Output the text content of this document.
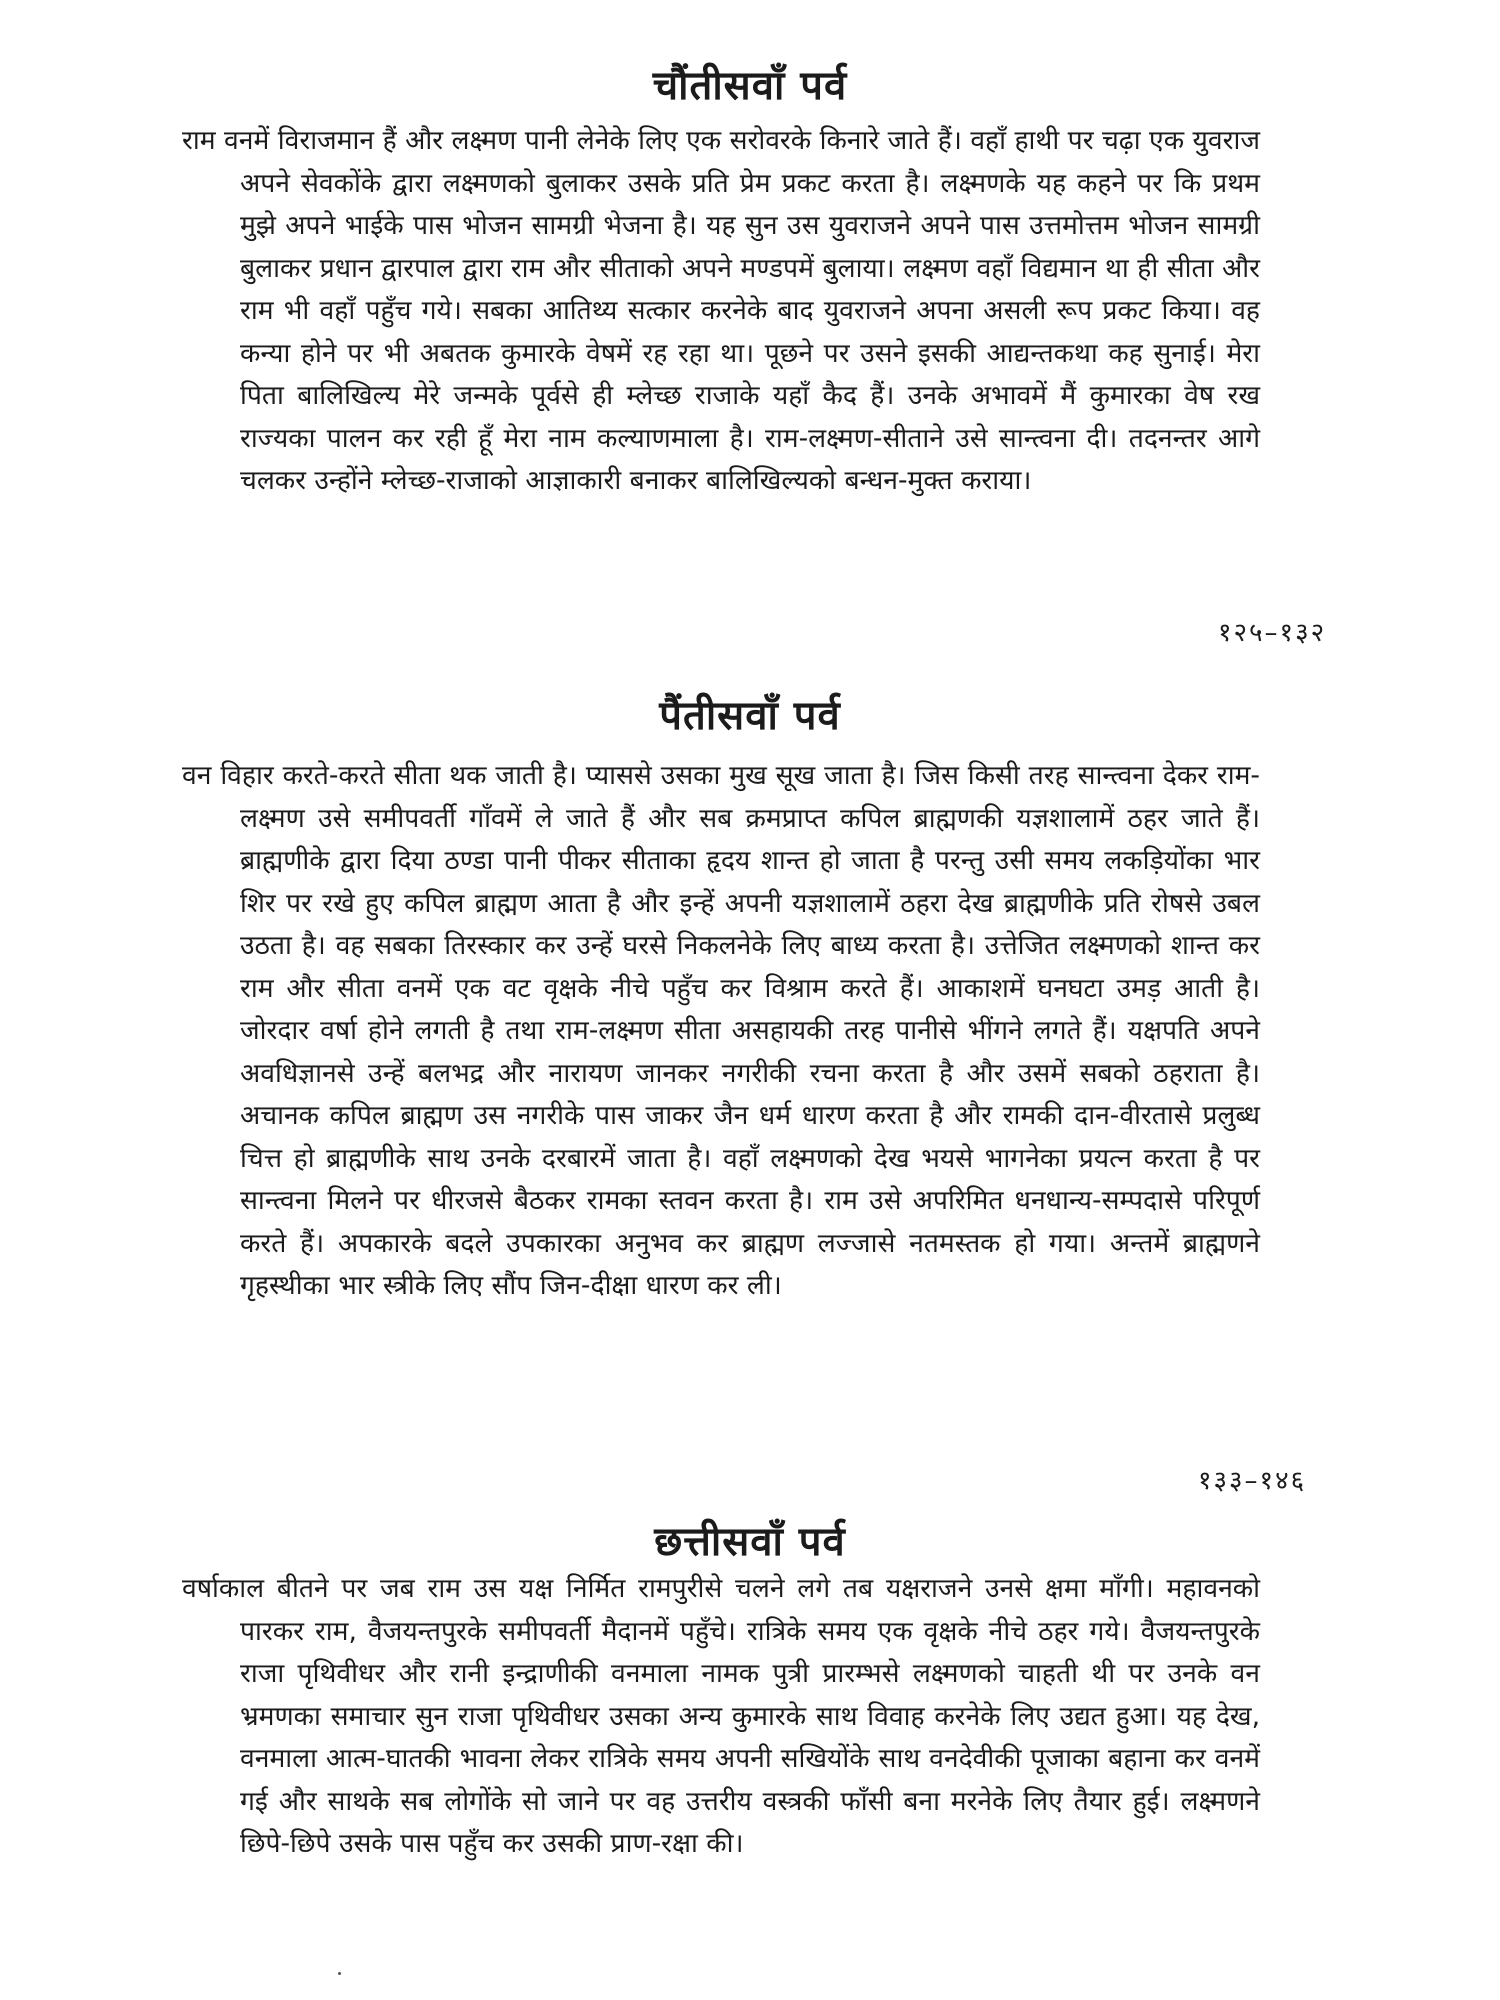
चौंतीसवाँ पर्व

राम वनमें विराजमान हैं और लक्ष्मण पानी लेनेके लिए एक सरोवरके किनारे जाते हैं। वहाँ हाथी पर चढ़ा एक युवराज अपने सेवकोंके द्वारा लक्ष्मणको बुलाकर उसके प्रति प्रेम प्रकट करता है। लक्ष्मणके यह कहने पर कि प्रथम मुझे अपने भाईके पास भोजन सामग्री भेजना है। यह सुन उस युवराजने अपने पास उत्तमोत्तम भोजन सामग्री बुलाकर प्रधान द्वारपाल द्वारा राम और सीताको अपने मण्डपमें बुलाया। लक्ष्मण वहाँ विद्यमान था ही सीता और राम भी वहाँ पहुँच गये। सबका आतिथ्य सत्कार करनेके बाद युवराजने अपना असली रूप प्रकट किया। वह कन्या होने पर भी अबतक कुमारके वेषमें रह रहा था। पूछने पर उसने इसकी आद्यन्तकथा कह सुनाई। मेरा पिता बालिखिल्य मेरे जन्मके पूर्वसे ही म्लेच्छ राजाके यहाँ कैद हैं। उनके अभावमें मैं कुमारका वेष रख राज्यका पालन कर रही हूँ मेरा नाम कल्याणमाला है। राम-लक्ष्मण-सीताने उसे सान्त्वना दी। तदनन्तर आगे चलकर उन्होंने म्लेच्छ-राजाको आज्ञाकारी बनाकर बालिखिल्यको बन्धन-मुक्त कराया।

१२५–१३२
पैंतीसवाँ पर्व

वन विहार करते-करते सीता थक जाती है। प्याससे उसका मुख सूख जाता है। जिस किसी तरह सान्त्वना देकर राम-लक्ष्मण उसे समीपवर्ती गाँवमें ले जाते हैं और सब क्रमप्राप्त कपिल ब्राह्मणकी यज्ञशालामें ठहर जाते हैं। ब्राह्मणीके द्वारा दिया ठण्डा पानी पीकर सीताका हृदय शान्त हो जाता है परन्तु उसी समय लकड़ियोंका भार शिर पर रखे हुए कपिल ब्राह्मण आता है और इन्हें अपनी यज्ञशालामें ठहरा देख ब्राह्मणीके प्रति रोषसे उबल उठता है। वह सबका तिरस्कार कर उन्हें घरसे निकलनेके लिए बाध्य करता है। उत्तेजित लक्ष्मणको शान्त कर राम और सीता वनमें एक वट वृक्षके नीचे पहुँच कर विश्राम करते हैं। आकाशमें घनघटा उमड़ आती है। जोरदार वर्षा होने लगती है तथा राम-लक्ष्मण सीता असहायकी तरह पानीसे भींगने लगते हैं। यक्षपति अपने अवधिज्ञानसे उन्हें बलभद्र और नारायण जानकर नगरीकी रचना करता है और उसमें सबको ठहराता है। अचानक कपिल ब्राह्मण उस नगरीके पास जाकर जैन धर्म धारण करता है और रामकी दान-वीरतासे प्रलुब्ध चित्त हो ब्राह्मणीके साथ उनके दरबारमें जाता है। वहाँ लक्ष्मणको देख भयसे भागनेका प्रयत्न करता है पर सान्त्वना मिलने पर धीरजसे बैठकर रामका स्तवन करता है। राम उसे अपरिमित धनधान्य-सम्पदासे परिपूर्ण करते हैं। अपकारके बदले उपकारका अनुभव कर ब्राह्मण लज्जासे नतमस्तक हो गया। अन्तमें ब्राह्मणने गृहस्थीका भार स्त्रीके लिए सौंप जिन-दीक्षा धारण कर ली।

१३३–१४६
छत्तीसवाँ पर्व

वर्षाकाल बीतने पर जब राम उस यक्ष निर्मित रामपुरीसे चलने लगे तब यक्षराजने उनसे क्षमा माँगी। महावनको पारकर राम, वैजयन्तपुरके समीपवर्ती मैदानमें पहुँचे। रात्रिके समय एक वृक्षके नीचे ठहर गये। वैजयन्तपुरके राजा पृथिवीधर और रानी इन्द्राणीकी वनमाला नामक पुत्री प्रारम्भसे लक्ष्मणको चाहती थी पर उनके वन भ्रमणका समाचार सुन राजा पृथिवीधर उसका अन्य कुमारके साथ विवाह करनेके लिए उद्यत हुआ। यह देख, वनमाला आत्म-घातकी भावना लेकर रात्रिके समय अपनी सखियोंके साथ वनदेवीकी पूजाका बहाना कर वनमें गई और साथके सब लोगोंके सो जाने पर वह उत्तरीय वस्त्रकी फाँसी बना मरनेके लिए तैयार हुई। लक्ष्मणने छिपे-छिपे उसके पास पहुँच कर उसकी प्राण-रक्षा की।
